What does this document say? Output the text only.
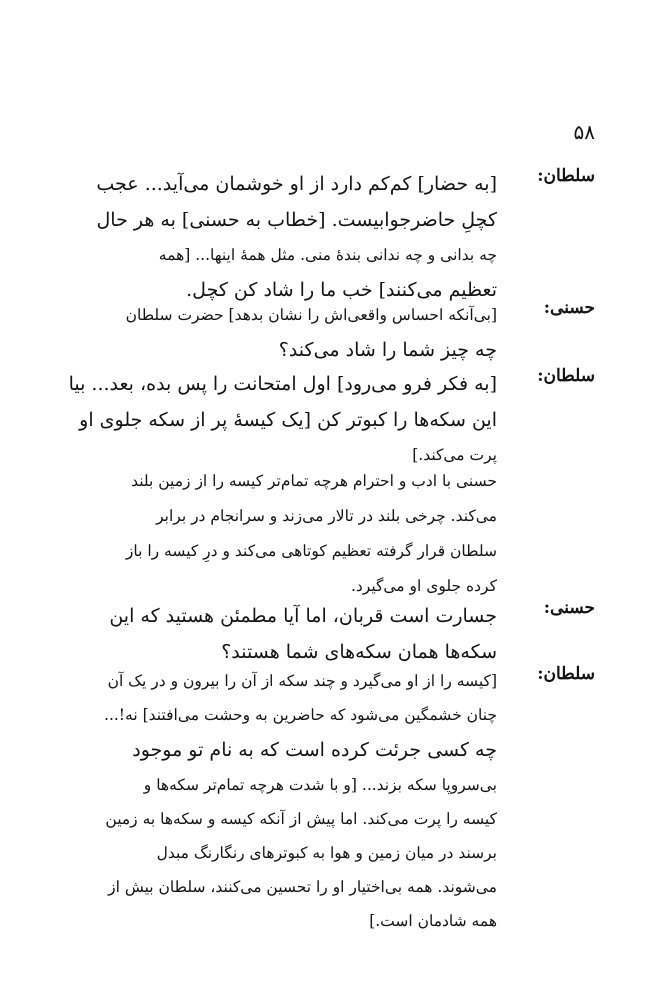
۵۸
سلطان:
[به حضار] کم‌کم دارد از او خوشمان می‌آید... عجب
کچلِ حاضرجوابیست. [خطاب به حسنی] به هر حال
چه بدانی و چه ندانی بندهٔ منی. مثل همهٔ اینها... [همه
تعظیم می‌کنند] خب ما را شاد کن کچل.
حسنی:
[بی‌آنکه احساس واقعی‌اش را نشان بدهد] حضرت سلطان
چه چیز شما را شاد می‌کند؟
سلطان:
[به فکر فرو می‌رود] اول امتحانت را پس بده، بعد... بیا
این سکه‌ها را کبوتر کن [یک کیسهٔ پر از سکه جلوی او
پرت می‌کند.]
حسنی با ادب و احترام هرچه تمام‌تر کیسه را از زمین بلند
می‌کند. چرخی بلند در تالار می‌زند و سرانجام در برابر
سلطان قرار گرفته تعظیم کوتاهی می‌کند و درِ کیسه را باز
کرده جلوی او می‌گیرد.
حسنی:
جسارت است قربان، اما آیا مطمئن هستید که این
سکه‌ها همان سکه‌های شما هستند؟
سلطان:
[کیسه را از او می‌گیرد و چند سکه از آن را بیرون و در یک آن
چنان خشمگین می‌شود که حاضرین به وحشت می‌افتند] نه!...
چه کسی جرئت کرده است که به نام تو موجود
بی‌سروپا سکه بزند... [و با شدت هرچه تمام‌تر سکه‌ها و
کیسه را پرت می‌کند. اما پیش از آنکه کیسه و سکه‌ها به زمین
برسند در میان زمین و هوا به کبوترهای رنگارنگ مبدل
می‌شوند. همه بی‌اختیار او را تحسین می‌کنند، سلطان بیش از
همه شادمان است.]
